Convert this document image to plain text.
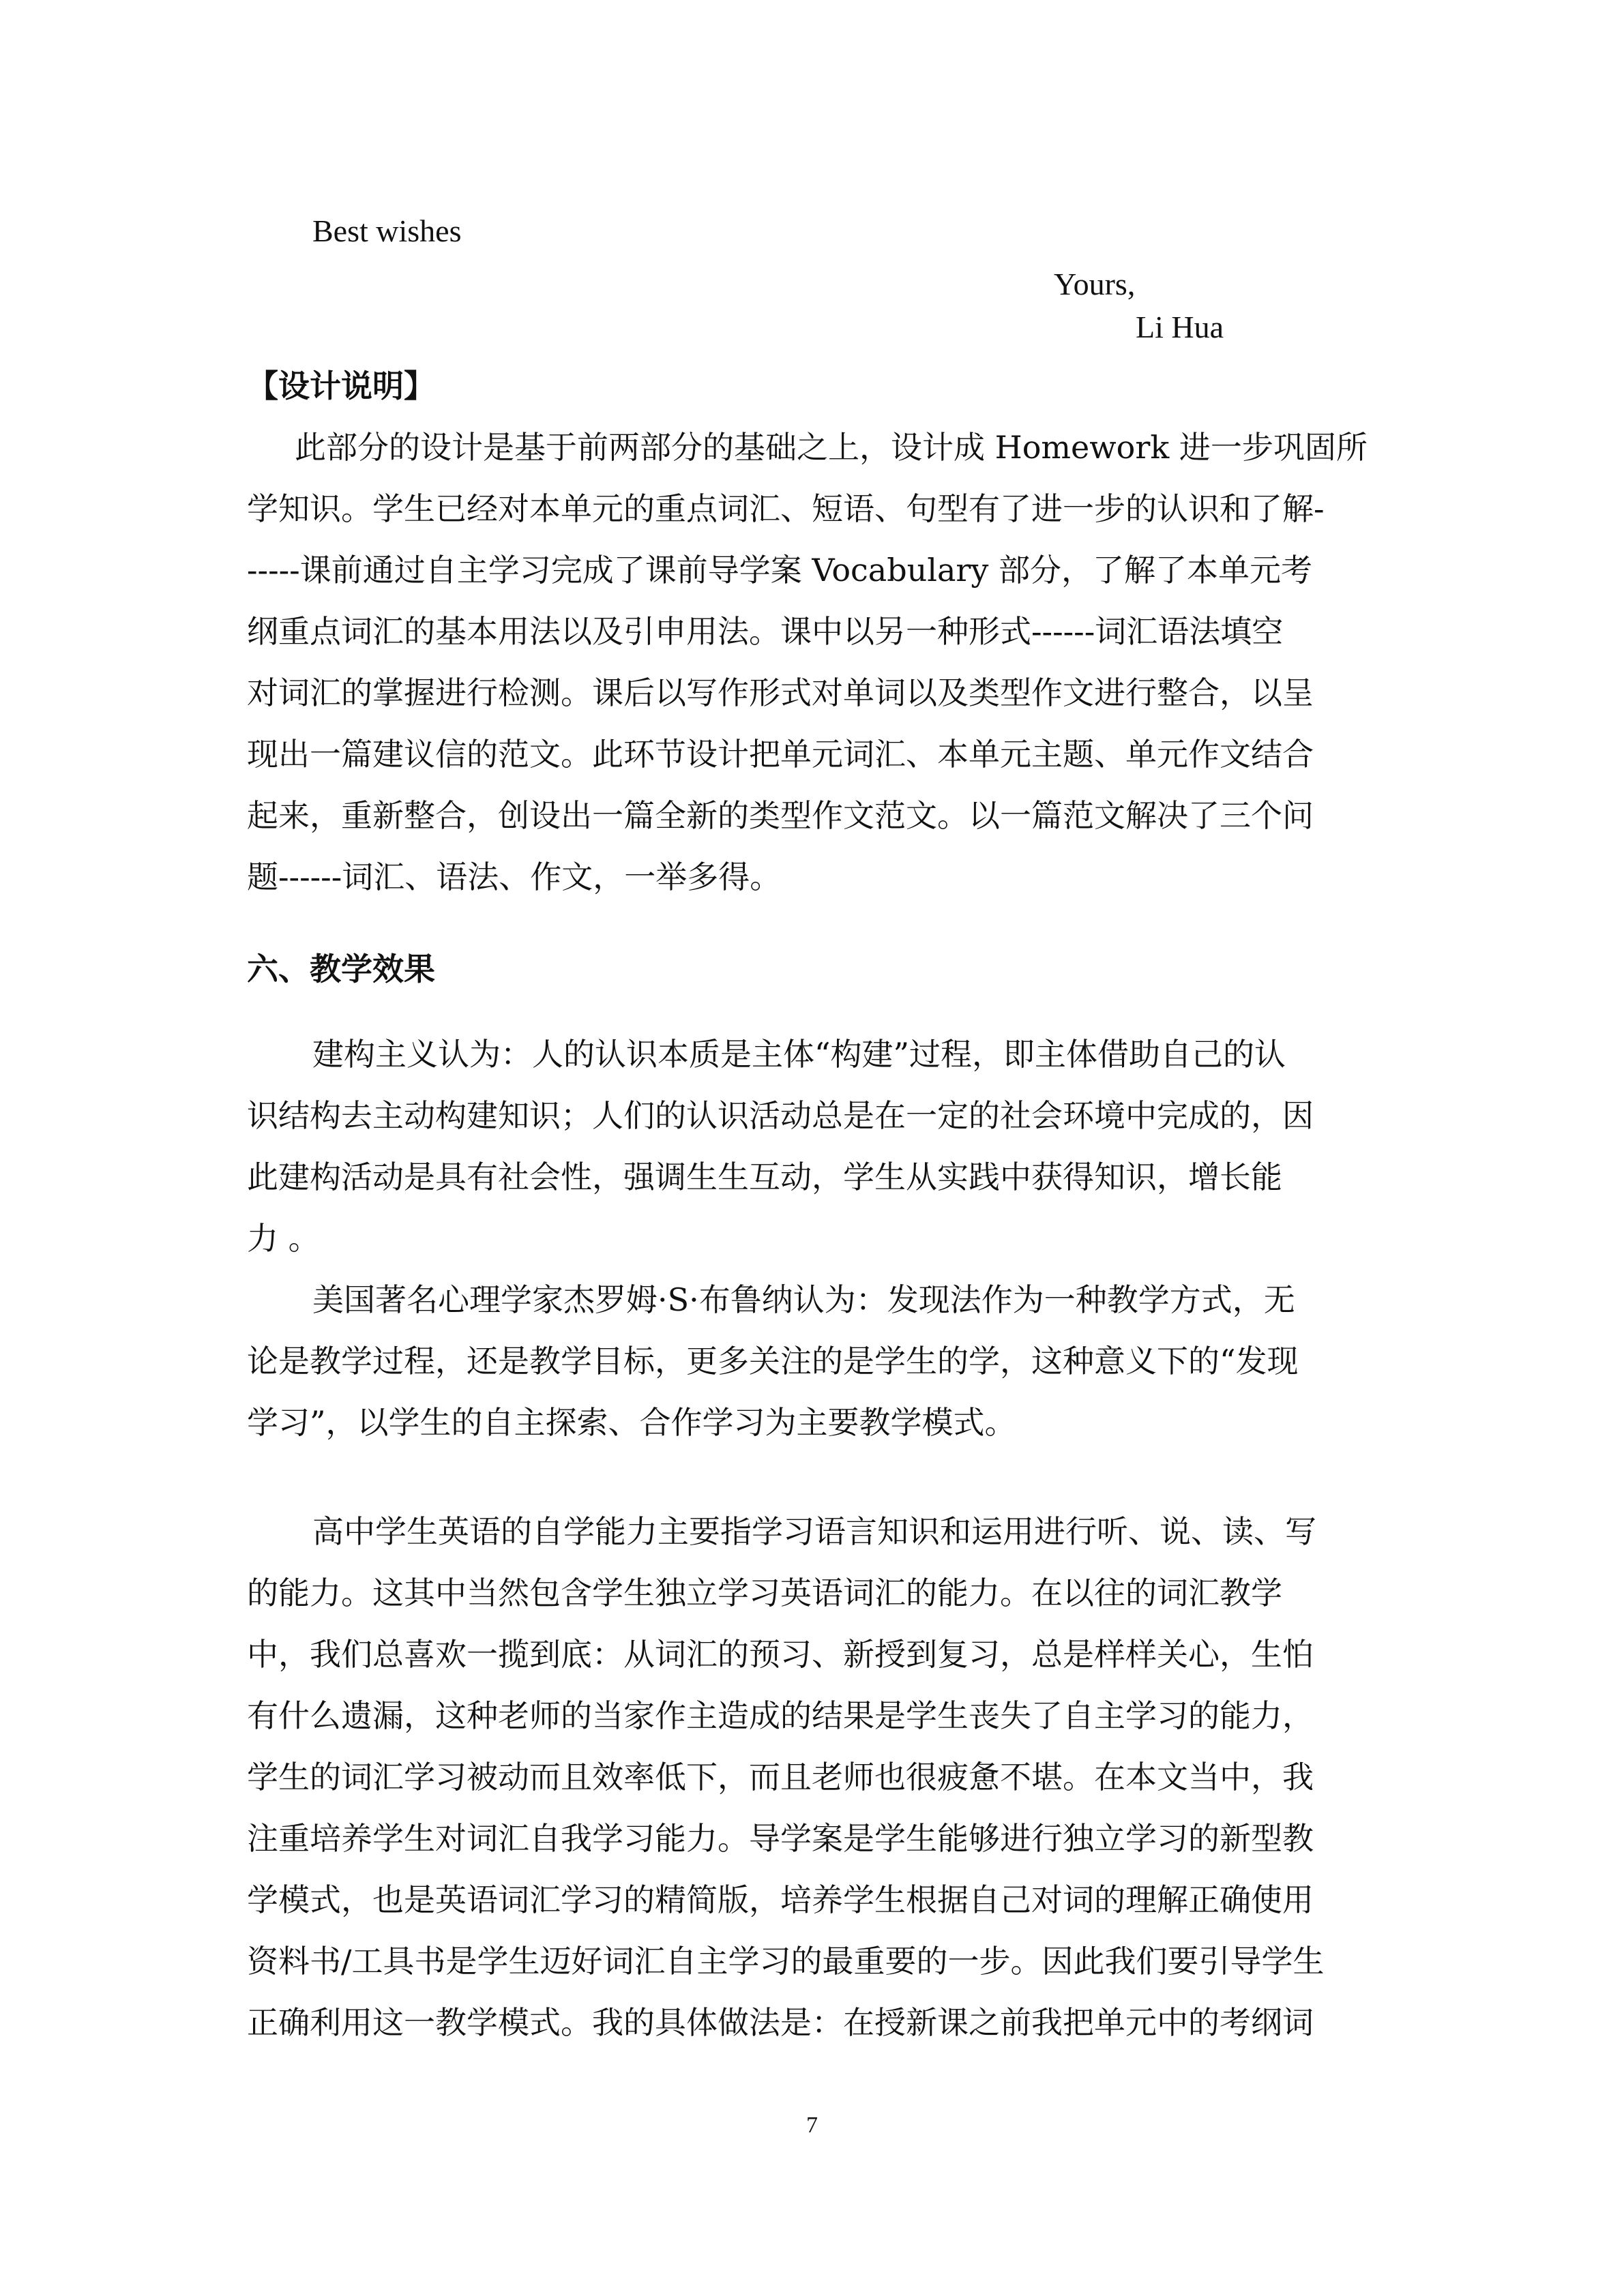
Best wishes
Yours,
Li Hua
【设计说明】
此部分的设计是基于前两部分的基础之上，设计成 Homework 进一步巩固所
学知识。学生已经对本单元的重点词汇、短语、句型有了进一步的认识和了解-
-----课前通过自主学习完成了课前导学案 Vocabulary 部分，了解了本单元考
纲重点词汇的基本用法以及引申用法。课中以另一种形式------词汇语法填空
对词汇的掌握进行检测。课后以写作形式对单词以及类型作文进行整合，以呈
现出一篇建议信的范文。此环节设计把单元词汇、本单元主题、单元作文结合
起来，重新整合，创设出一篇全新的类型作文范文。以一篇范文解决了三个问
题------词汇、语法、作文，一举多得。
六、教学效果
建构主义认为：人的认识本质是主体“构建”过程，即主体借助自己的认
识结构去主动构建知识；人们的认识活动总是在一定的社会环境中完成的，因
此建构活动是具有社会性，强调生生互动，学生从实践中获得知识，增长能
力 。
美国著名心理学家杰罗姆·S·布鲁纳认为：发现法作为一种教学方式，无
论是教学过程，还是教学目标，更多关注的是学生的学，这种意义下的“发现
学习”，以学生的自主探索、合作学习为主要教学模式。
高中学生英语的自学能力主要指学习语言知识和运用进行听、说、读、写
的能力。这其中当然包含学生独立学习英语词汇的能力。在以往的词汇教学
中，我们总喜欢一揽到底：从词汇的预习、新授到复习，总是样样关心，生怕
有什么遗漏，这种老师的当家作主造成的结果是学生丧失了自主学习的能力，
学生的词汇学习被动而且效率低下，而且老师也很疲惫不堪。在本文当中，我
注重培养学生对词汇自我学习能力。导学案是学生能够进行独立学习的新型教
学模式，也是英语词汇学习的精简版，培养学生根据自己对词的理解正确使用
资料书/工具书是学生迈好词汇自主学习的最重要的一步。因此我们要引导学生
正确利用这一教学模式。我的具体做法是：在授新课之前我把单元中的考纲词
7
